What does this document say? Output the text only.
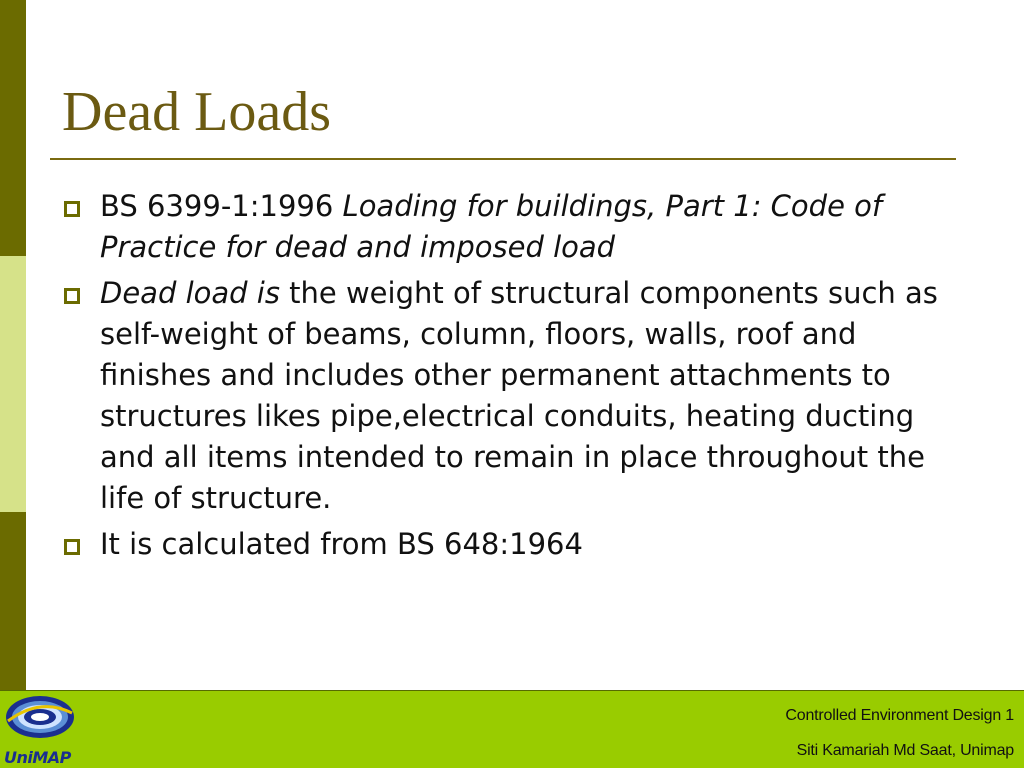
Dead Loads
BS 6399-1:1996 Loading for buildings, Part 1: Code of Practice for dead and imposed load
Dead load is the weight of structural components such as self-weight of beams, column, floors, walls, roof and finishes and includes other permanent attachments to structures likes pipe,electrical conduits, heating ducting and all items intended to remain in place throughout the life of structure.
It is calculated from BS 648:1964
UniMAP
Controlled Environment Design 1
Siti Kamariah Md Saat, Unimap
